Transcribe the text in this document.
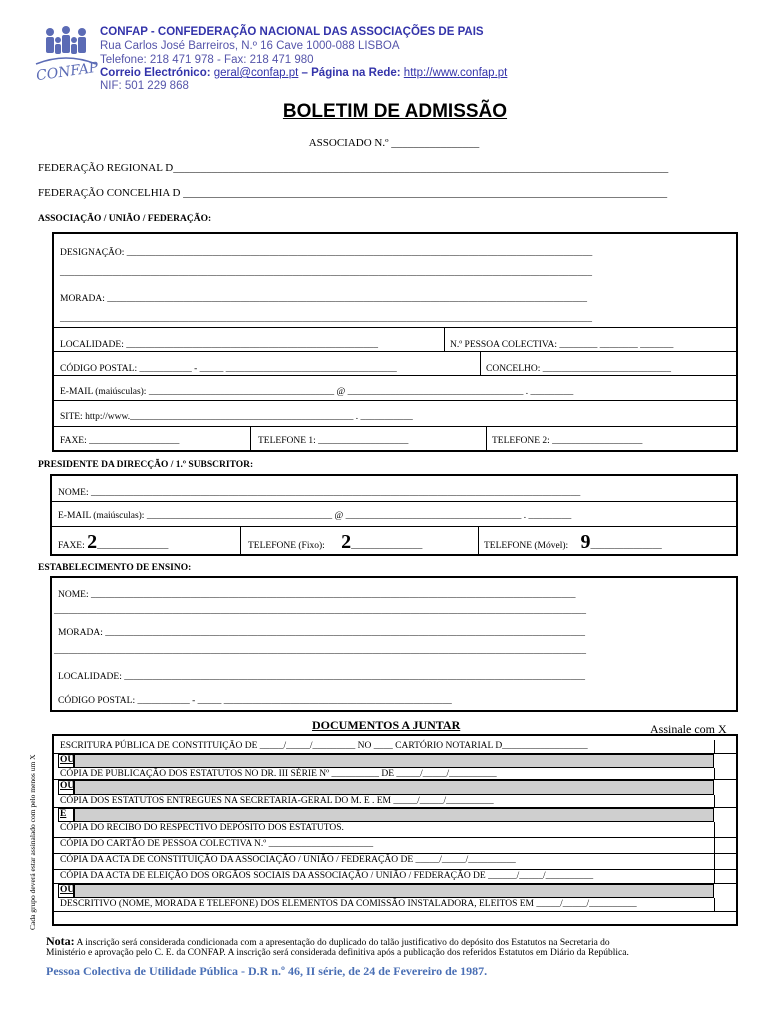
CONFAP
CONFAP - CONFEDERAÇÃO NACIONAL DAS ASSOCIAÇÕES DE PAIS
Rua Carlos José Barreiros, N.º 16 Cave 1000-088 LISBOA
Telefone: 218 471 978 - Fax: 218 471 980
Correio Electrónico: geral@confap.pt – Página na Rede: http://www.confap.pt
NIF: 501 229 868
BOLETIM DE ADMISSÃO
ASSOCIADO N.º ________________
FEDERAÇÃO REGIONAL D__________________________________________________________________________________________
FEDERAÇÃO CONCELHIA D ________________________________________________________________________________________
ASSOCIAÇÃO / UNIÃO / FEDERAÇÃO:
DESIGNAÇÃO: __________________________________________________________________________________________________
________________________________________________________________________________________________________________
MORADA: _____________________________________________________________________________________________________
________________________________________________________________________________________________________________
LOCALIDADE: _____________________________________________________	N.º PESSOA COLECTIVA: ________ ________ _______
CÓDIGO POSTAL: ___________ - _____ ____________________________________	CONCELHO: ___________________________
E-MAIL (maiúsculas): _______________________________________ @ _____________________________________ . _________
SITE: http://www._______________________________________________ . ___________
FAXE: ___________________	TELEFONE 1: ___________________	TELEFONE 2: ___________________
PRESIDENTE DA DIRECÇÃO / 1.º SUBSCRITOR:
NOME: _______________________________________________________________________________________________________
E-MAIL (maiúsculas): _______________________________________ @ _____________________________________ . _________
FAXE: 2_______________	TELEFONE (Fixo): 2_______________	TELEFONE (Móvel): 9_______________
ESTABELECIMENTO DE ENSINO:
NOME: ______________________________________________________________________________________________________
________________________________________________________________________________________________________________
MORADA: _____________________________________________________________________________________________________
________________________________________________________________________________________________________________
LOCALIDADE: _________________________________________________________________________________________________
CÓDIGO POSTAL: ___________ - _____ ________________________________________________
DOCUMENTOS A JUNTAR	Assinale com X
Cada grupo deverá estar assinalado com pelo menos um X
ESCRITURA PÚBLICA DE CONSTITUIÇÃO DE _____/_____/_________ NO ____ CARTÓRIO NOTARIAL D__________________
OU
CÓPIA DE PUBLICAÇÃO DOS ESTATUTOS NO DR. III SÉRIE Nº __________ DE _____/_____/__________
OU
CÓPIA DOS ESTATUTOS ENTREGUES NA SECRETARIA-GERAL DO M. E . EM _____/_____/__________
E
CÓPIA DO RECIBO DO RESPECTIVO DEPÓSITO DOS ESTATUTOS.
CÓPIA DO CARTÃO DE PESSOA COLECTIVA N.º ______________________
CÓPIA DA ACTA DE CONSTITUIÇÃO DA ASSOCIAÇÃO / UNIÃO / FEDERAÇÃO DE _____/_____/__________
CÓPIA DA ACTA DE ELEIÇÃO DOS ORGÃOS SOCIAIS DA ASSOCIAÇÃO / UNIÃO / FEDERAÇÃO DE ______/_____/__________
OU
DESCRITIVO (NOME, MORADA E TELEFONE) DOS ELEMENTOS DA COMISSÃO INSTALADORA, ELEITOS EM _____/_____/__________
Nota: A inscrição será considerada condicionada com a apresentação do duplicado do talão justificativo do depósito dos Estatutos na Secretaria do
Ministério e aprovação pelo C. E. da CONFAP. A inscrição será considerada definitiva após a publicação dos referidos Estatutos em Diário da República.
Pessoa Colectiva de Utilidade Pública - D.R n.º 46, II série, de 24 de Fevereiro de 1987.
